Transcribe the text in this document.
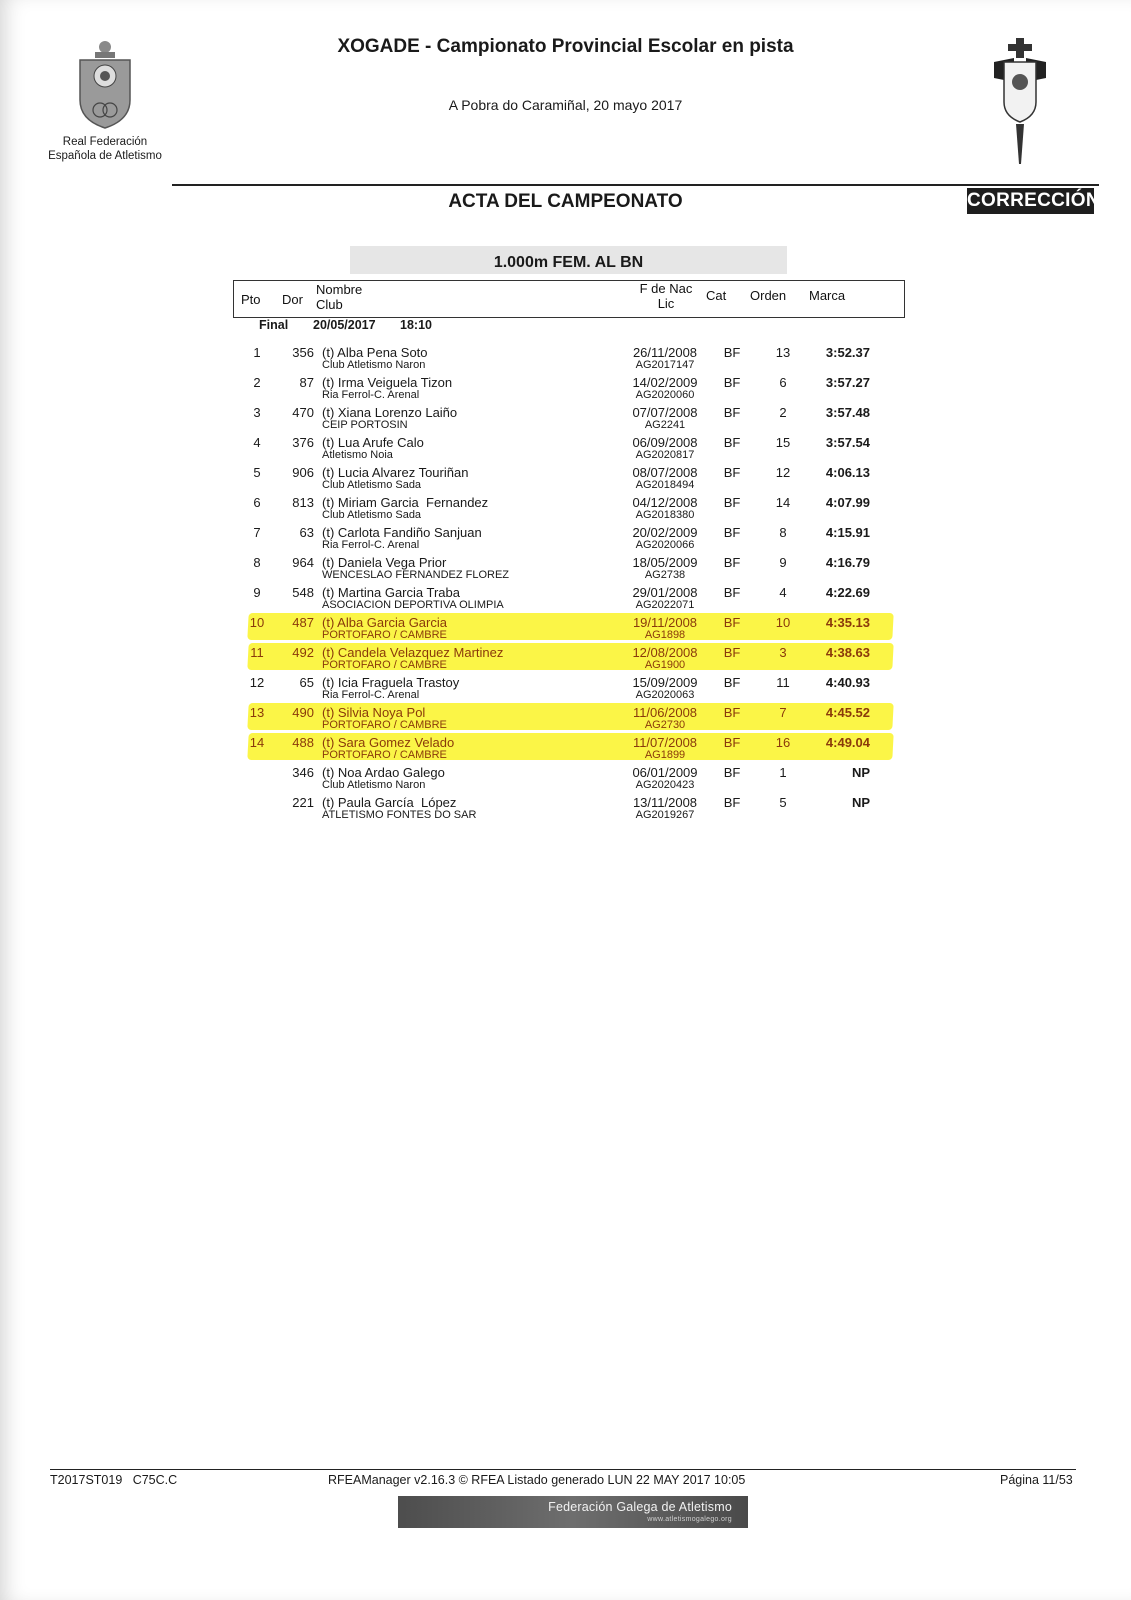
Real Federación
Española de Atletismo
XOGADE - Campionato Provincial Escolar en pista
A Pobra do Caramiñal, 20 mayo 2017
ACTA DEL CAMPEONATO	CORRECCIÓN
1.000m FEM. AL BN
Pto Dor
Nombre
Club
F de Nac
Lic
Cat Orden Marca
Final 20/05/2017 18:10
1	356 (t) Alba Pena Soto
Club Atletismo Naron
26/11/2008
AG2017147
BF	13	3:52.37
2	87 (t) Irma Veiguela Tizon
Ria Ferrol-C. Arenal
14/02/2009
AG2020060
BF	6	3:57.27
3	470 (t) Xiana Lorenzo Laiño
CEIP PORTOSIN
07/07/2008
AG2241
BF	2	3:57.48
4	376 (t) Lua Arufe Calo
Atletismo Noia
06/09/2008
AG2020817
BF	15	3:57.54
5	906 (t) Lucia Alvarez Touriñan
Club Atletismo Sada
08/07/2008
AG2018494
BF	12	4:06.13
6	813 (t) Miriam Garcia  Fernandez
Club Atletismo Sada
04/12/2008
AG2018380
BF	14	4:07.99
7	63 (t) Carlota Fandiño Sanjuan
Ria Ferrol-C. Arenal
20/02/2009
AG2020066
BF	8	4:15.91
8	964 (t) Daniela Vega Prior
WENCESLAO FERNANDEZ FLOREZ
18/05/2009
AG2738
BF	9	4:16.79
9	548 (t) Martina Garcia Traba
ASOCIACION DEPORTIVA OLIMPIA
29/01/2008
AG2022071
BF	4	4:22.69
10	487 (t) Alba Garcia Garcia
PORTOFARO / CAMBRE
19/11/2008
AG1898
BF	10	4:35.13
11	492 (t) Candela Velazquez Martinez
PORTOFARO / CAMBRE
12/08/2008
AG1900
BF	3	4:38.63
12	65 (t) Icia Fraguela Trastoy
Ria Ferrol-C. Arenal
15/09/2009
AG2020063
BF	11	4:40.93
13	490 (t) Silvia Noya Pol
PORTOFARO / CAMBRE
11/06/2008
AG2730
BF	7	4:45.52
14	488 (t) Sara Gomez Velado
PORTOFARO / CAMBRE
11/07/2008
AG1899
BF	16	4:49.04
346 (t) Noa Ardao Galego
Club Atletismo Naron
06/01/2009
AG2020423
BF	1	NP
221 (t) Paula García  López
ATLETISMO FONTES DO SAR
13/11/2008
AG2019267
BF	5	NP
T2017ST019   C75C.C	RFEAManager v2.16.3 © RFEA Listado generado LUN 22 MAY 2017 10:05	Página 11/53
Federación Galega de Atletismo
www.atletismogalego.org
